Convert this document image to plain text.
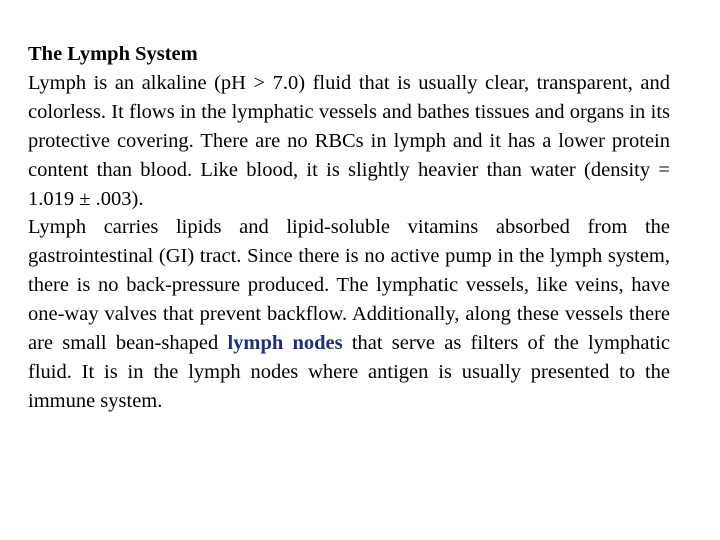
The Lymph System

Lymph is an alkaline (pH > 7.0) fluid that is usually clear, transparent, and colorless. It flows in the lymphatic vessels and bathes tissues and organs in its protective covering. There are no RBCs in lymph and it has a lower protein content than blood. Like blood, it is slightly heavier than water (density = 1.019 ± .003).

Lymph carries lipids and lipid-soluble vitamins absorbed from the gastrointestinal (GI) tract. Since there is no active pump in the lymph system, there is no back-pressure produced. The lymphatic vessels, like veins, have one-way valves that prevent backflow. Additionally, along these vessels there are small bean-shaped lymph nodes that serve as filters of the lymphatic fluid. It is in the lymph nodes where antigen is usually presented to the immune system.
